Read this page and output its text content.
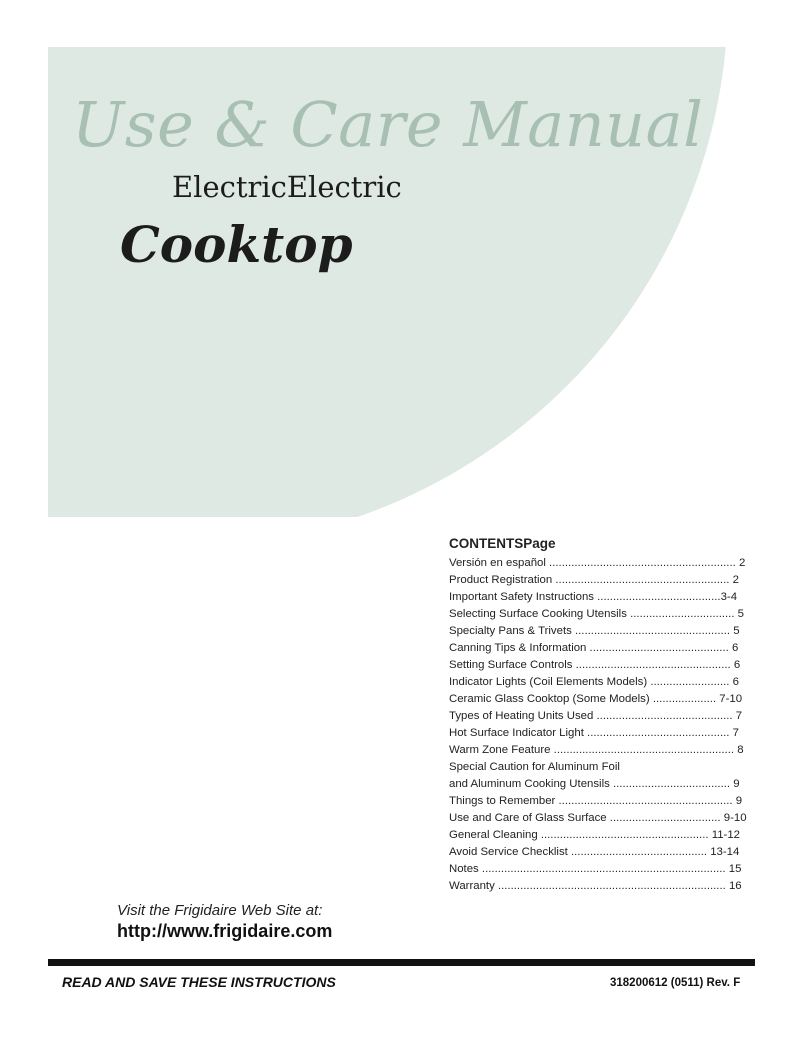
Use & Care Manual
ElectricElectric
Cooktop
CONTENTSPage
Versión en español ........................................................... 2
Product Registration ....................................................... 2
Important Safety Instructions .......................................3-4
Selecting Surface Cooking Utensils ................................. 5
Specialty Pans & Trivets ................................................. 5
Canning Tips & Information ............................................ 6
Setting Surface Controls ................................................. 6
Indicator Lights (Coil Elements Models) ......................... 6
Ceramic Glass Cooktop (Some Models) .................... 7-10
Types of Heating Units Used ........................................... 7
Hot Surface Indicator Light ............................................. 7
Warm Zone Feature ......................................................... 8
Special Caution for Aluminum Foil
and Aluminum Cooking Utensils ..................................... 9
Things to Remember ....................................................... 9
Use and Care of Glass Surface ................................... 9-10
General Cleaning ..................................................... 11-12
Avoid Service Checklist ........................................... 13-14
Notes ............................................................................. 15
Warranty ........................................................................ 16
Visit the Frigidaire Web Site at:
http://www.frigidaire.com
READ AND SAVE THESE INSTRUCTIONS	318200612 (0511) Rev. F
